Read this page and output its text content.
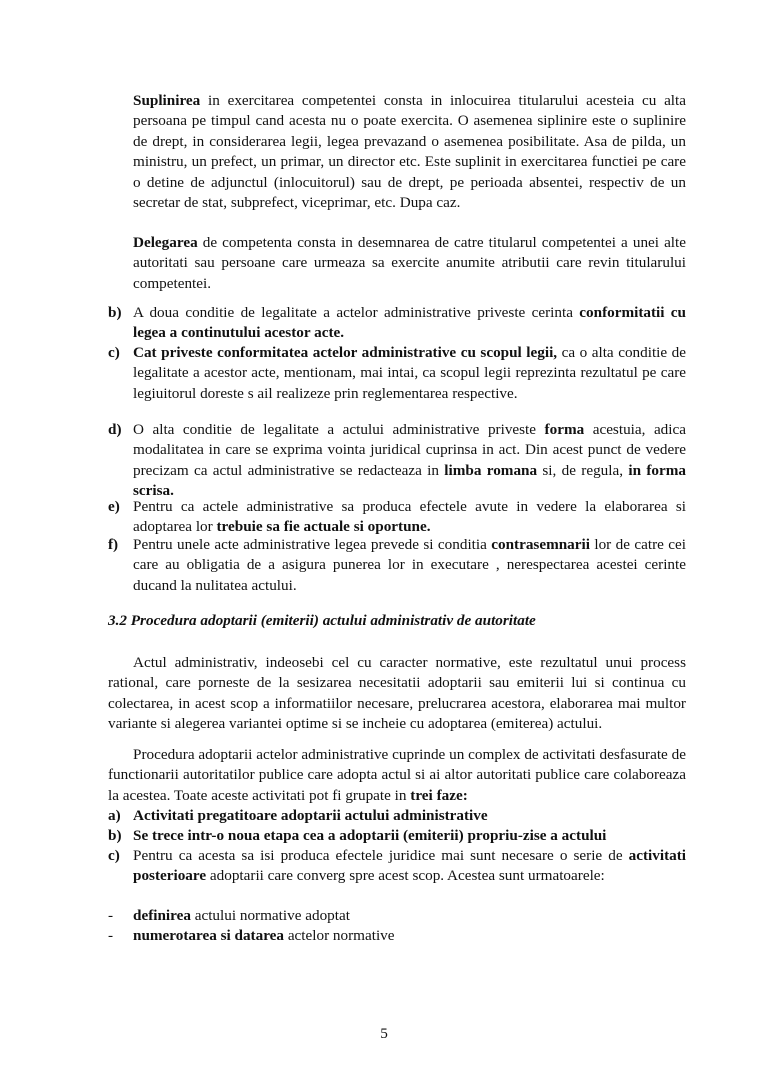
Suplinirea in exercitarea competentei consta in inlocuirea titularului acesteia cu alta persoana pe timpul cand acesta nu o poate exercita. O asemenea siplinire este o suplinire de drept, in considerarea legii, legea prevazand o asemenea posibilitate. Asa de pilda, un ministru, un prefect, un primar, un director etc. Este suplinit in exercitarea functiei pe care o detine de adjunctul (inlocuitorul) sau de drept, pe perioada absentei, respectiv de un secretar de stat, subprefect, viceprimar, etc. Dupa caz.

Delegarea de competenta consta in desemnarea de catre titularul competentei a unei alte autoritati sau persoane care urmeaza sa exercite anumite atributii care revin titularului competentei.

b) A doua conditie de legalitate a actelor administrative priveste cerinta conformitatii cu legea a continutului acestor acte.
c) Cat priveste conformitatea actelor administrative cu scopul legii, ca o alta conditie de legalitate a acestor acte, mentionam, mai intai, ca scopul legii reprezinta rezultatul pe care legiuitorul doreste s ail realizeze prin reglementarea respective.
d) O alta conditie de legalitate a actului administrative priveste forma acestuia, adica modalitatea in care se exprima vointa juridical cuprinsa in act. Din acest punct de vedere precizam ca actul administrative se redacteaza in limba romana si, de regula, in forma scrisa.
e) Pentru ca actele administrative sa produca efectele avute in vedere la elaborarea si adoptarea lor trebuie sa fie actuale si oportune.
f) Pentru unele acte administrative legea prevede si conditia contrasemnarii lor de catre cei care au obligatia de a asigura punerea lor in executare , nerespectarea acestei cerinte ducand la nulitatea actului.
3.2 Procedura adoptarii (emiterii) actului administrativ de autoritate

Actul administrativ, indeosebi cel cu caracter normative, este rezultatul unui process rational, care porneste de la sesizarea necesitatii adoptarii sau emiterii lui si continua cu colectarea, in acest scop a informatiilor necesare, prelucrarea acestora, elaborarea mai multor variante si alegerea variantei optime si se incheie cu adoptarea (emiterea) actului.

Procedura adoptarii actelor administrative cuprinde un complex de activitati desfasurate de functionarii autoritatilor publice care adopta actul si ai altor autoritati publice care colaboreaza la acestea. Toate aceste activitati pot fi grupate in trei faze:

a) Activitati pregatitoare adoptarii actului administrative
b) Se trece intr-o noua etapa cea a adoptarii (emiterii) propriu-zise a actului
c) Pentru ca acesta sa isi produca efectele juridice mai sunt necesare o serie de activitati posterioare adoptarii care converg spre acest scop. Acestea sunt urmatoarele:
- definirea actului normative adoptat
- numerotarea si datarea actelor normative
5
